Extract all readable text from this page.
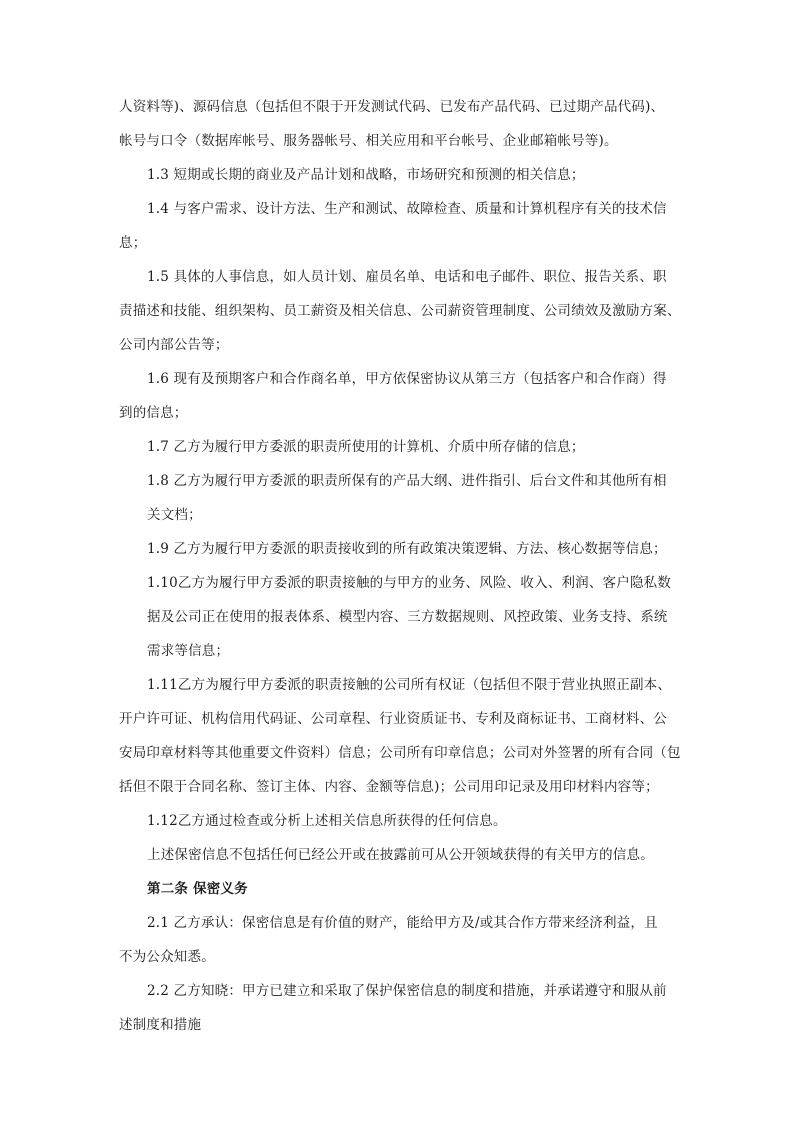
人资料等)、源码信息（包括但不限于开发测试代码、已发布产品代码、已过期产品代码)、

帐号与口令（数据库帐号、服务器帐号、相关应用和平台帐号、企业邮箱帐号等)。

1.3 短期或长期的商业及产品计划和战略，市场研究和预测的相关信息；

1.4 与客户需求、设计方法、生产和测试、故障检查、质量和计算机程序有关的技术信

息；

1.5 具体的人事信息，如人员计划、雇员名单、电话和电子邮件、职位、报告关系、职

责描述和技能、组织架构、员工薪资及相关信息、公司薪资管理制度、公司绩效及激励方案、

公司内部公告等；

1.6 现有及预期客户和合作商名单，甲方依保密协议从第三方（包括客户和合作商）得

到的信息；

1.7 乙方为履行甲方委派的职责所使用的计算机、介质中所存储的信息；

1.8 乙方为履行甲方委派的职责所保有的产品大纲、进件指引、后台文件和其他所有相

关文档；

1.9 乙方为履行甲方委派的职责接收到的所有政策决策逻辑、方法、核心数据等信息；

1.10乙方为履行甲方委派的职责接触的与甲方的业务、风险、收入、利润、客户隐私数

据及公司正在使用的报表体系、模型内容、三方数据规则、风控政策、业务支持、系统

需求等信息；

1.11乙方为履行甲方委派的职责接触的公司所有权证（包括但不限于营业执照正副本、

开户许可证、机构信用代码证、公司章程、行业资质证书、专利及商标证书、工商材料、公

安局印章材料等其他重要文件资料）信息；公司所有印章信息；公司对外签署的所有合同（包

括但不限于合同名称、签订主体、内容、金额等信息)；公司用印记录及用印材料内容等；

1.12乙方通过检查或分析上述相关信息所获得的任何信息。

上述保密信息不包括任何已经公开或在披露前可从公开领域获得的有关甲方的信息。

第二条 保密义务

2.1 乙方承认：保密信息是有价值的财产，能给甲方及/或其合作方带来经济利益，且

不为公众知悉。

2.2 乙方知晓：甲方已建立和采取了保护保密信息的制度和措施，并承诺遵守和服从前

述制度和措施
